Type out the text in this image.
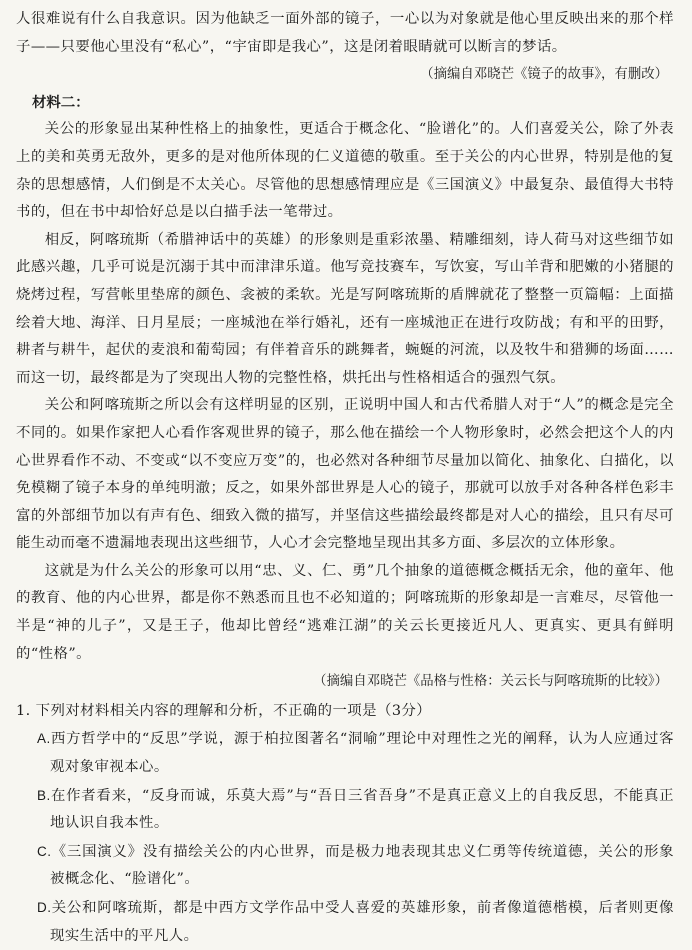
人很难说有什么自我意识。因为他缺乏一面外部的镜子，一心以为对象就是他心里反映出来的那个样子——只要他心里没有“私心”，“宇宙即是我心”，这是闭着眼睛就可以断言的梦话。

（摘编自邓晓芒《镜子的故事》，有删改）

材料二：

关公的形象显出某种性格上的抽象性，更适合于概念化、“脸谱化”的。人们喜爱关公，除了外表上的美和英勇无敌外，更多的是对他所体现的仁义道德的敬重。至于关公的内心世界，特别是他的复杂的思想感情，人们倒是不太关心。尽管他的思想感情理应是《三国演义》中最复杂、最值得大书特书的，但在书中却恰好总是以白描手法一笔带过。

相反，阿喀琉斯（希腊神话中的英雄）的形象则是重彩浓墨、精雕细刻，诗人荷马对这些细节如此感兴趣，几乎可说是沉溺于其中而津津乐道。他写竞技赛车，写饮宴，写山羊背和肥嫩的小猪腿的烧烤过程，写营帐里垫席的颜色、衾被的柔软。光是写阿喀琉斯的盾牌就花了整整一页篇幅：上面描绘着大地、海洋、日月星辰；一座城池在举行婚礼，还有一座城池正在进行攻防战；有和平的田野，耕者与耕牛，起伏的麦浪和葡萄园；有伴着音乐的跳舞者，蜿蜒的河流，以及牧牛和猎狮的场面……而这一切，最终都是为了突现出人物的完整性格，烘托出与性格相适合的强烈气氛。

关公和阿喀琉斯之所以会有这样明显的区别，正说明中国人和古代希腊人对于“人”的概念是完全不同的。如果作家把人心看作客观世界的镜子，那么他在描绘一个人物形象时，必然会把这个人的内心世界看作不动、不变或“以不变应万变”的，也必然对各种细节尽量加以简化、抽象化、白描化，以免模糊了镜子本身的单纯明澈；反之，如果外部世界是人心的镜子，那就可以放手对各种各样色彩丰富的外部细节加以有声有色、细致入微的描写，并坚信这些描绘最终都是对人心的描绘，且只有尽可能生动而毫不遗漏地表现出这些细节，人心才会完整地呈现出其多方面、多层次的立体形象。

这就是为什么关公的形象可以用“忠、义、仁、勇”几个抽象的道德概念概括无余，他的童年、他的教育、他的内心世界，都是你不熟悉而且也不必知道的；阿喀琉斯的形象却是一言难尽，尽管他一半是“神的儿子”，又是王子，他却比曾经“逃难江湖”的关云长更接近凡人、更真实、更具有鲜明的“性格”。

（摘编自邓晓芒《品格与性格：关云长与阿喀琉斯的比较》）

1. 下列对材料相关内容的理解和分析，不正确的一项是（3分）

A.西方哲学中的“反思”学说，源于柏拉图著名“洞喻”理论中对理性之光的阐释，认为人应通过客观对象审视本心。
B.在作者看来，“反身而诚，乐莫大焉”与“吾日三省吾身”不是真正意义上的自我反思，不能真正地认识自我本性。
C.《三国演义》没有描绘关公的内心世界，而是极力地表现其忠义仁勇等传统道德，关公的形象被概念化、“脸谱化”。
D.关公和阿喀琉斯，都是中西方文学作品中受人喜爱的英雄形象，前者像道德楷模，后者则更像现实生活中的平凡人。
